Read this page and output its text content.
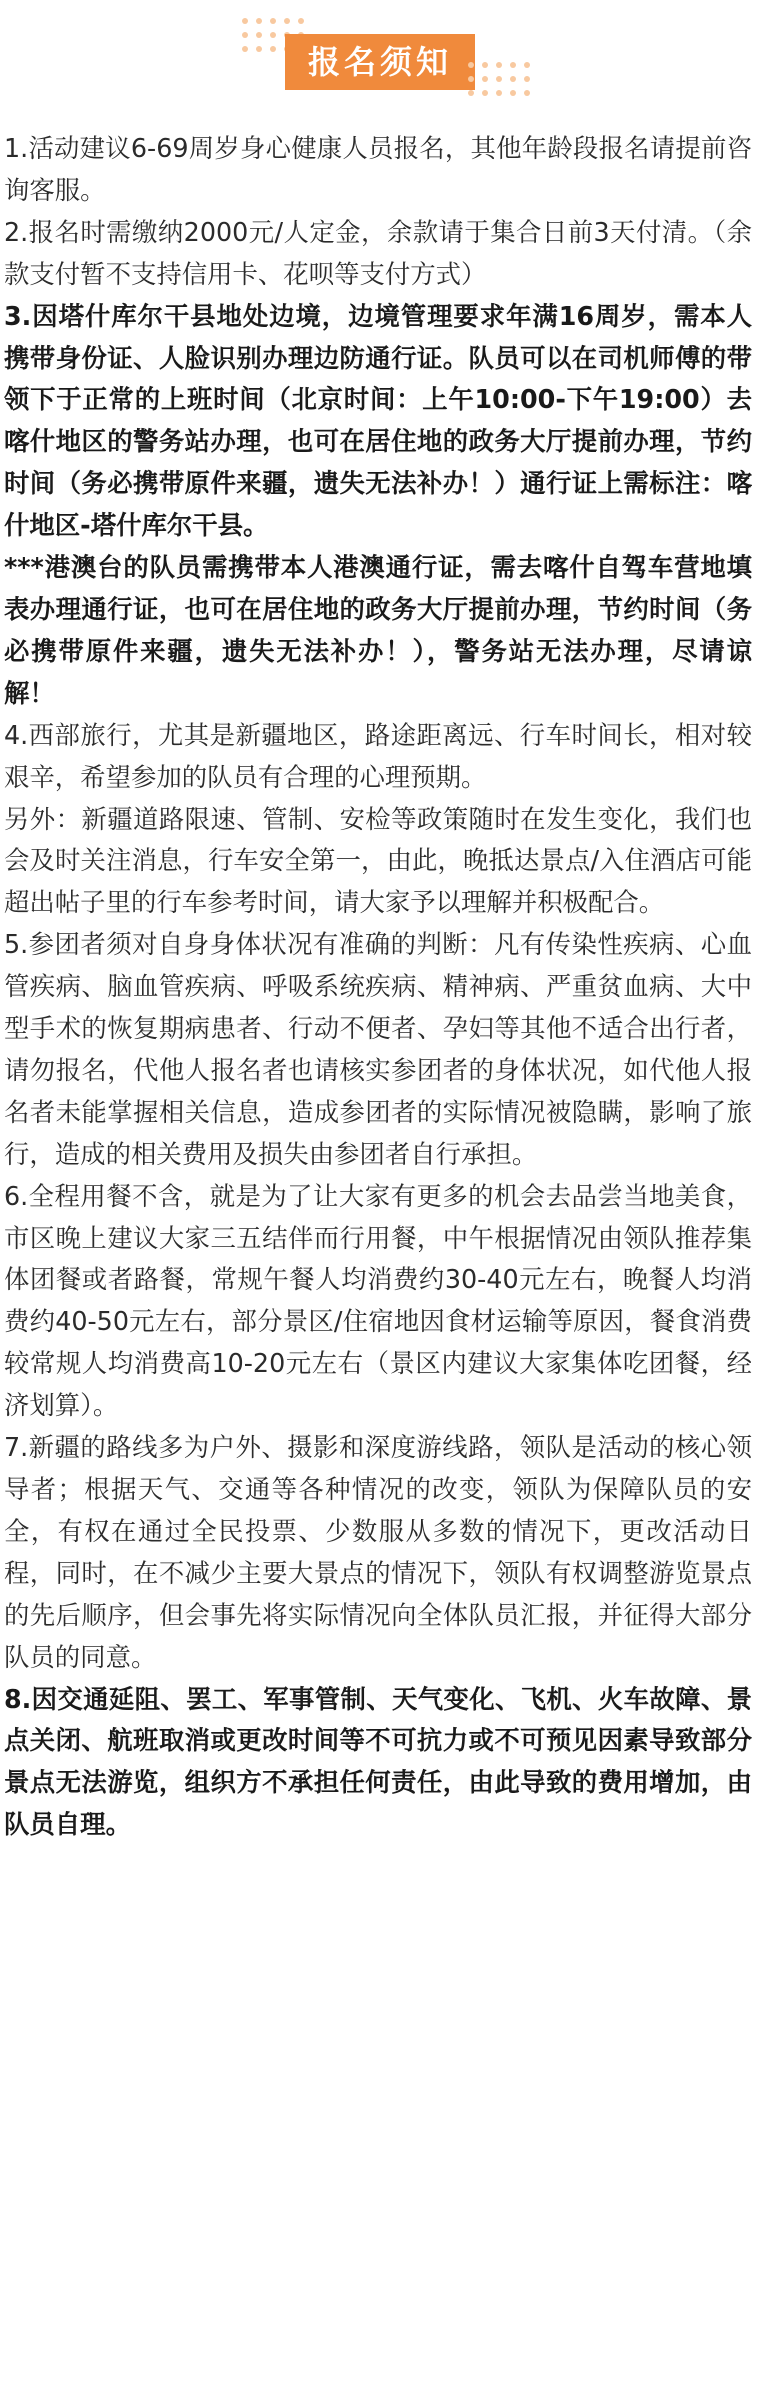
报名须知

1.活动建议6-69周岁身心健康人员报名，其他年龄段报名请提前咨询客服。

2.报名时需缴纳2000元/人定金，余款请于集合日前3天付清。（余款支付暂不支持信用卡、花呗等支付方式）

3.因塔什库尔干县地处边境，边境管理要求年满16周岁，需本人携带身份证、人脸识别办理边防通行证。队员可以在司机师傅的带领下于正常的上班时间（北京时间：上午10:00-下午19:00）去喀什地区的警务站办理，也可在居住地的政务大厅提前办理，节约时间（务必携带原件来疆，遗失无法补办！）通行证上需标注：喀什地区-塔什库尔干县。

***港澳台的队员需携带本人港澳通行证，需去喀什自驾车营地填表办理通行证，也可在居住地的政务大厅提前办理，节约时间（务必携带原件来疆，遗失无法补办！），警务站无法办理，尽请谅解！

4.西部旅行，尤其是新疆地区，路途距离远、行车时间长，相对较艰辛，希望参加的队员有合理的心理预期。

另外：新疆道路限速、管制、安检等政策随时在发生变化，我们也会及时关注消息，行车安全第一，由此，晚抵达景点/入住酒店可能超出帖子里的行车参考时间，请大家予以理解并积极配合。

5.参团者须对自身身体状况有准确的判断：凡有传染性疾病、心血管疾病、脑血管疾病、呼吸系统疾病、精神病、严重贫血病、大中型手术的恢复期病患者、行动不便者、孕妇等其他不适合出行者，请勿报名，代他人报名者也请核实参团者的身体状况，如代他人报名者未能掌握相关信息，造成参团者的实际情况被隐瞒，影响了旅行，造成的相关费用及损失由参团者自行承担。

6.全程用餐不含，就是为了让大家有更多的机会去品尝当地美食，市区晚上建议大家三五结伴而行用餐，中午根据情况由领队推荐集体团餐或者路餐，常规午餐人均消费约30-40元左右，晚餐人均消费约40-50元左右，部分景区/住宿地因食材运输等原因，餐食消费较常规人均消费高10-20元左右（景区内建议大家集体吃团餐，经济划算）。

7.新疆的路线多为户外、摄影和深度游线路，领队是活动的核心领导者；根据天气、交通等各种情况的改变，领队为保障队员的安全，有权在通过全民投票、少数服从多数的情况下，更改活动日程，同时，在不减少主要大景点的情况下，领队有权调整游览景点的先后顺序，但会事先将实际情况向全体队员汇报，并征得大部分队员的同意。

8.因交通延阻、罢工、军事管制、天气变化、飞机、火车故障、景点关闭、航班取消或更改时间等不可抗力或不可预见因素导致部分景点无法游览，组织方不承担任何责任，由此导致的费用增加，由队员自理。
